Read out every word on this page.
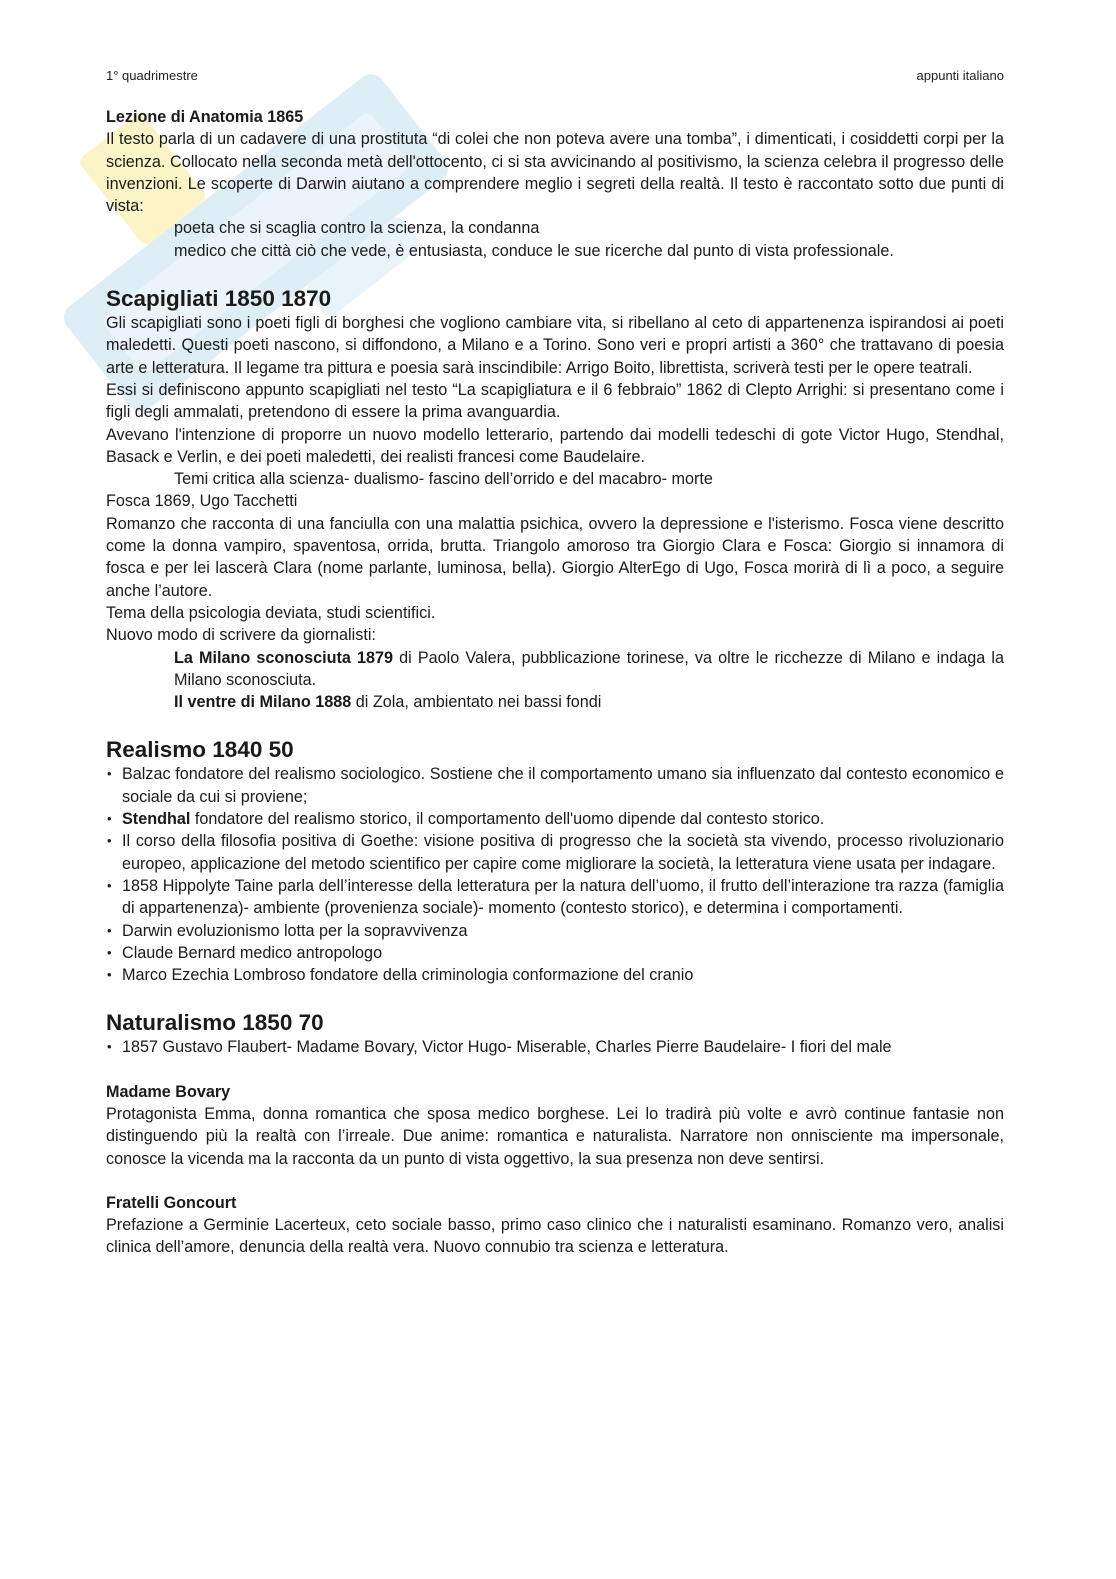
1° quadrimestre	appunti italiano

Lezione di Anatomia 1865

Il testo parla di un cadavere di una prostituta “di colei che non poteva avere una tomba”, i dimenticati, i cosiddetti corpi per la scienza. Collocato nella seconda metà dell'ottocento, ci si sta avvicinando al positivismo, la scienza celebra il progresso delle invenzioni. Le scoperte di Darwin aiutano a comprendere meglio i segreti della realtà. Il testo è raccontato sotto due punti di vista:

poeta che si scaglia contro la scienza, la condanna

medico che città ciò che vede, è entusiasta, conduce le sue ricerche dal punto di vista professionale.

Scapigliati 1850 1870

Gli scapigliati sono i poeti figli di borghesi che vogliono cambiare vita, si ribellano al ceto di appartenenza ispirandosi ai poeti maledetti. Questi poeti nascono, si diffondono, a Milano e a Torino. Sono veri e propri artisti a 360° che trattavano di poesia arte e letteratura. Il legame tra pittura e poesia sarà inscindibile: Arrigo Boito, librettista, scriverà testi per le opere teatrali.

Essi si definiscono appunto scapigliati nel testo “La scapigliatura e il 6 febbraio” 1862 di Clepto Arrighi: si presentano come i figli degli ammalati, pretendono di essere la prima avanguardia.

Avevano l'intenzione di proporre un nuovo modello letterario, partendo dai modelli tedeschi di gote Victor Hugo, Stendhal, Basack e Verlin, e dei poeti maledetti, dei realisti francesi come Baudelaire.

Temi critica alla scienza- dualismo- fascino dell’orrido e del macabro- morte

Fosca 1869, Ugo Tacchetti

Romanzo che racconta di una fanciulla con una malattia psichica, ovvero la depressione e l'isterismo. Fosca viene descritto come la donna vampiro, spaventosa, orrida, brutta. Triangolo amoroso tra Giorgio Clara e Fosca: Giorgio si innamora di fosca e per lei lascerà Clara (nome parlante, luminosa, bella). Giorgio AlterEgo di Ugo, Fosca morirà di lì a poco, a seguire anche l’autore.

Tema della psicologia deviata, studi scientifici.

Nuovo modo di scrivere da giornalisti:

La Milano sconosciuta 1879 di Paolo Valera, pubblicazione torinese, va oltre le ricchezze di Milano e indaga la Milano sconosciuta.

Il ventre di Milano 1888 di Zola, ambientato nei bassi fondi

Realismo 1840 50

• Balzac fondatore del realismo sociologico. Sostiene che il comportamento umano sia influenzato dal contesto economico e sociale da cui si proviene;
• Stendhal fondatore del realismo storico, il comportamento dell'uomo dipende dal contesto storico.
• Il corso della filosofia positiva di Goethe: visione positiva di progresso che la società sta vivendo, processo rivoluzionario europeo, applicazione del metodo scientifico per capire come migliorare la società, la letteratura viene usata per indagare.
• 1858 Hippolyte Taine parla dell’interesse della letteratura per la natura dell’uomo, il frutto dell’interazione tra razza (famiglia di appartenenza)- ambiente (provenienza sociale)- momento (contesto storico), e determina i comportamenti.
• Darwin evoluzionismo lotta per la sopravvivenza
• Claude Bernard medico antropologo
• Marco Ezechia Lombroso fondatore della criminologia conformazione del cranio

Naturalismo 1850 70

• 1857 Gustavo Flaubert- Madame Bovary, Victor Hugo- Miserable, Charles Pierre Baudelaire- I fiori del male

Madame Bovary

Protagonista Emma, donna romantica che sposa medico borghese. Lei lo tradirà più volte e avrò continue fantasie non distinguendo più la realtà con l’irreale. Due anime: romantica e naturalista. Narratore non onnisciente ma impersonale, conosce la vicenda ma la racconta da un punto di vista oggettivo, la sua presenza non deve sentirsi.

Fratelli Goncourt

Prefazione a Germinie Lacerteux, ceto sociale basso, primo caso clinico che i naturalisti esaminano. Romanzo vero, analisi clinica dell’amore, denuncia della realtà vera. Nuovo connubio tra scienza e letteratura.
